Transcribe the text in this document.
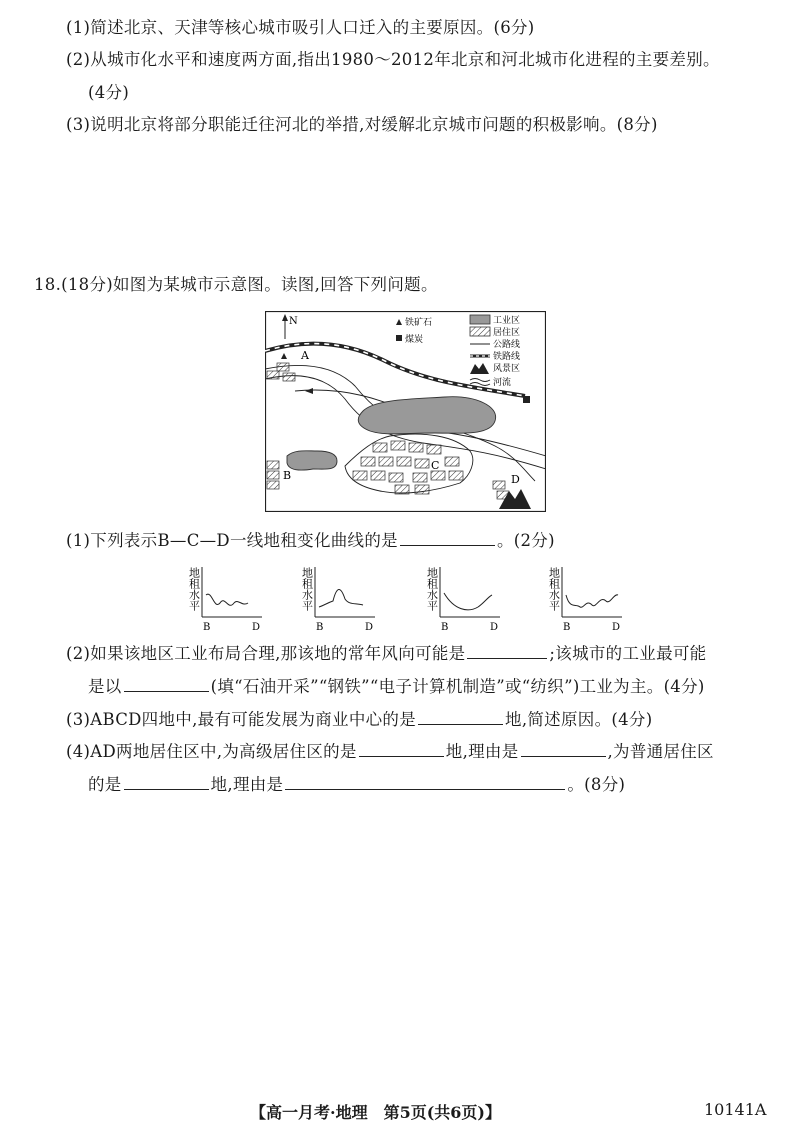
(1)简述北京、天津等核心城市吸引人口迁入的主要原因。(6分)
(2)从城市化水平和速度两方面,指出1980～2012年北京和河北城市化进程的主要差别。
(4分)
(3)说明北京将部分职能迁往河北的举措,对缓解北京城市问题的积极影响。(8分)
18.(18分)如图为某城市示意图。读图,回答下列问题。
N	铁矿石
煤炭
工业区
居住区
公路线
铁路线
风景区
河流
A
B
C
D
(1)下列表示B—C—D一线地租变化曲线的是	。(2分)
地租水平
B	D
地租水平
B	D
地租水平
B	D
地租水平
B	D
(2)如果该地区工业布局合理,那该地的常年风向可能是	;该城市的工业最可能
是以	(填“石油开采”“钢铁”“电子计算机制造”或“纺织”)工业为主。(4分)
(3)ABCD四地中,最有可能发展为商业中心的是	地,简述原因。(4分)
(4)AD两地居住区中,为高级居住区的是	地,理由是	,为普通居住区
的是	地,理由是	。(8分)
【高一月考·地理　第5页(共6页)】	10141A
